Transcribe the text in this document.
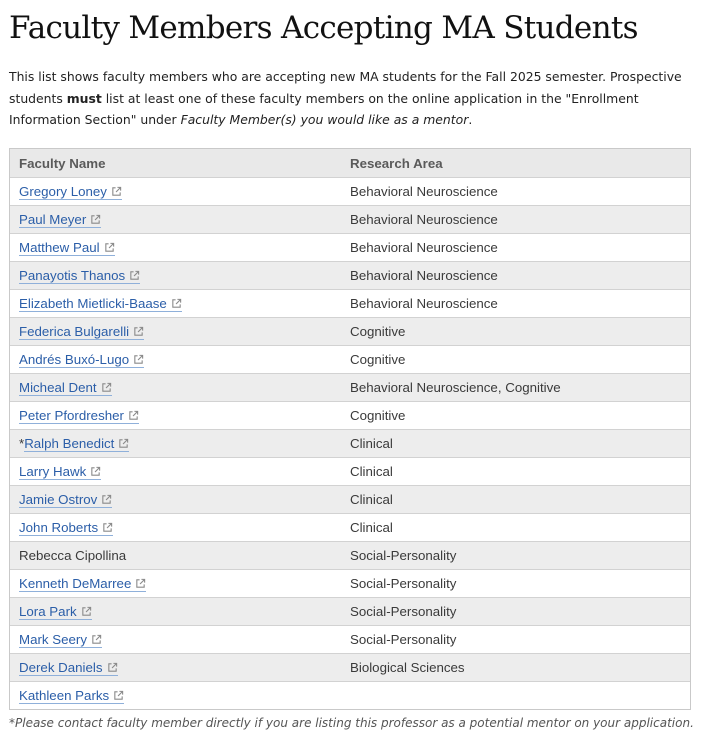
Faculty Members Accepting MA Students
This list shows faculty members who are accepting new MA students for the Fall 2025 semester. Prospective students must list at least one of these faculty members on the online application in the "Enrollment Information Section" under Faculty Member(s) you would like as a mentor.
Faculty Name	Research Area
Gregory Loney	Behavioral Neuroscience
Paul Meyer	Behavioral Neuroscience
Matthew Paul	Behavioral Neuroscience
Panayotis Thanos	Behavioral Neuroscience
Elizabeth Mietlicki-Baase	Behavioral Neuroscience
Federica Bulgarelli	Cognitive
Andrés Buxó-Lugo	Cognitive
Micheal Dent	Behavioral Neuroscience, Cognitive
Peter Pfordresher	Cognitive
*Ralph Benedict	Clinical
Larry Hawk	Clinical
Jamie Ostrov	Clinical
John Roberts	Clinical
Rebecca Cipollina	Social-Personality
Kenneth DeMarree	Social-Personality
Lora Park	Social-Personality
Mark Seery	Social-Personality
Derek Daniels	Biological Sciences
Kathleen Parks
*Please contact faculty member directly if you are listing this professor as a potential mentor on your application.
